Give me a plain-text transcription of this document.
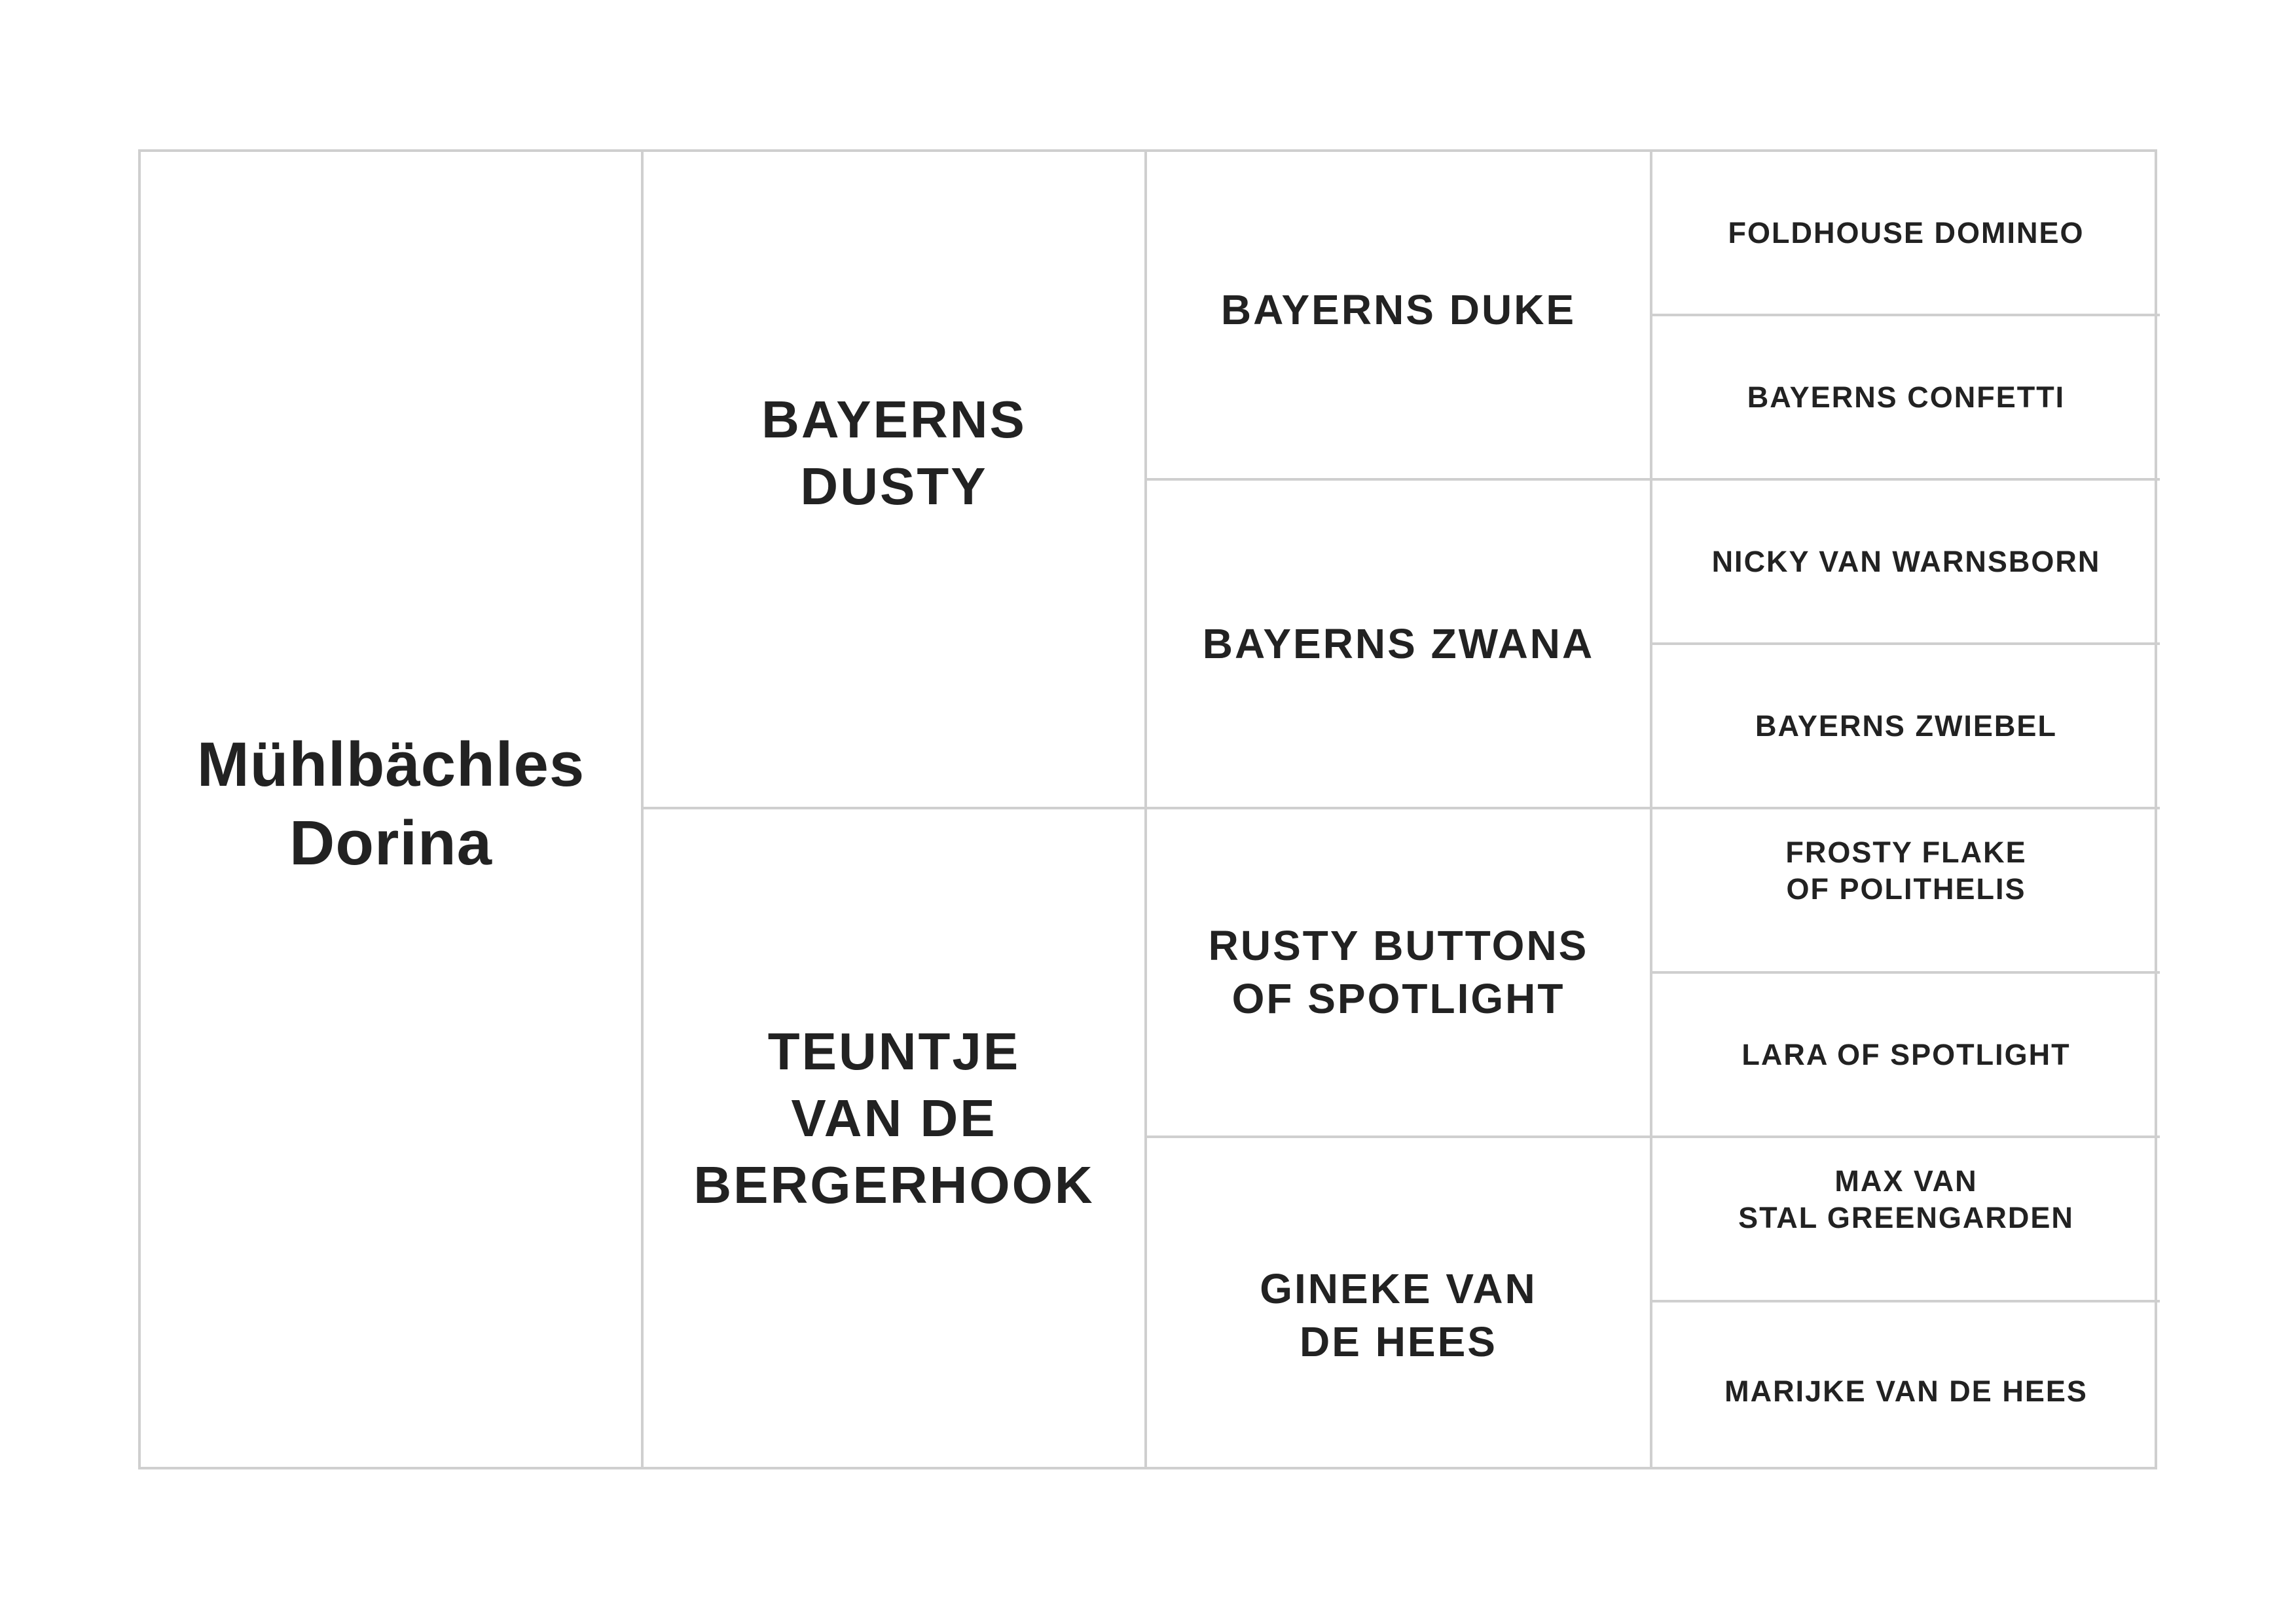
Mühlbächles
Dorina
BAYERNS
DUSTY
TEUNTJE
VAN DE
BERGERHOOK
BAYERNS DUKE
BAYERNS ZWANA
RUSTY BUTTONS
OF SPOTLIGHT
GINEKE VAN
DE HEES
FOLDHOUSE DOMINEO
BAYERNS CONFETTI
NICKY VAN WARNSBORN
BAYERNS ZWIEBEL
FROSTY FLAKE
OF POLITHELIS
LARA OF SPOTLIGHT
MAX VAN
STAL GREENGARDEN
MARIJKE VAN DE HEES
